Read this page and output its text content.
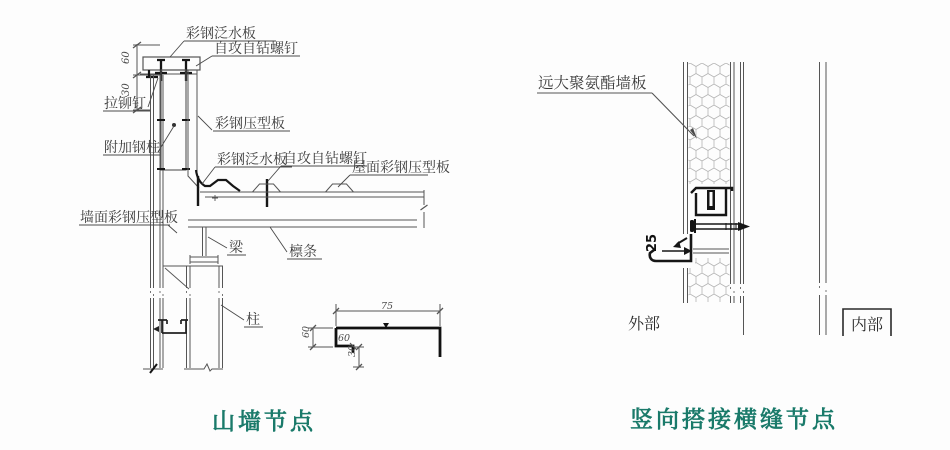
60
30
彩钢泛水板
自攻自钻螺钉
拉铆钉
附加钢柱
彩钢压型板
彩钢泛水板
自攻自钻螺钉
屋面彩钢压型板
墙面彩钢压型板
梁	檩条
柱
75
60
60
30
25
远大聚氨酯墙板
外部	内部
山墙节点	竖向搭接横缝节点
